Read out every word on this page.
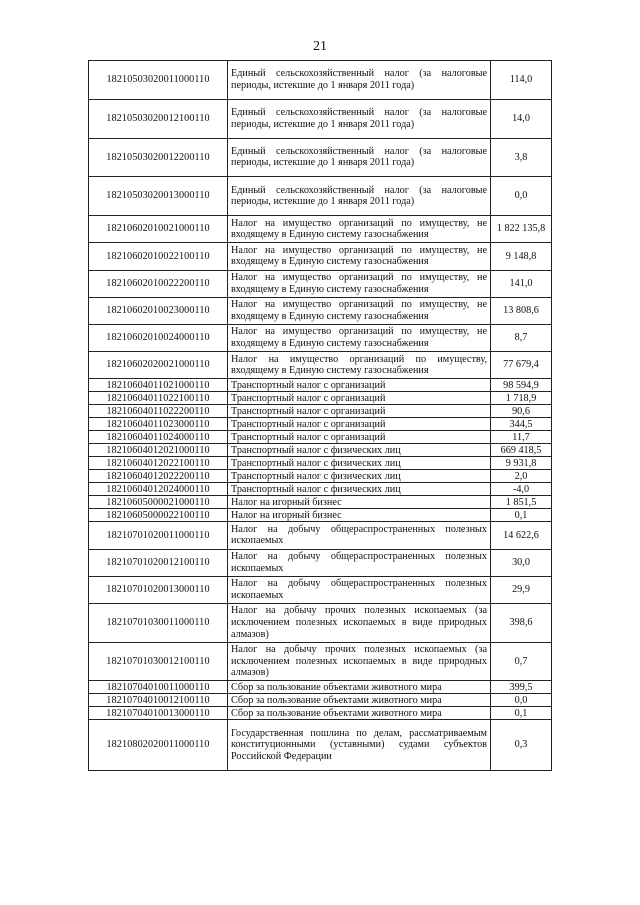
21
18210503020011000110	Единый сельскохозяйственный налог (за налоговые периоды, истекшие до 1 января 2011 года)	114,0
18210503020012100110	Единый сельскохозяйственный налог (за налоговые периоды, истекшие до 1 января 2011 года)	14,0
18210503020012200110	Единый сельскохозяйственный налог (за налоговые периоды, истекшие до 1 января 2011 года)	3,8
18210503020013000110	Единый сельскохозяйственный налог (за налоговые периоды, истекшие до 1 января 2011 года)	0,0
18210602010021000110	Налог на имущество организаций по имуществу, не входящему в Единую систему газоснабжения	1 822 135,8
18210602010022100110	Налог на имущество организаций по имуществу, не входящему в Единую систему газоснабжения	9 148,8
18210602010022200110	Налог на имущество организаций по имуществу, не входящему в Единую систему газоснабжения	141,0
18210602010023000110	Налог на имущество организаций по имуществу, не входящему в Единую систему газоснабжения	13 808,6
18210602010024000110	Налог на имущество организаций по имуществу, не входящему в Единую систему газоснабжения	8,7
18210602020021000110	Налог на имущество организаций по имуществу, входящему в Единую систему газоснабжения	77 679,4
18210604011021000110	Транспортный налог с организаций	98 594,9
18210604011022100110	Транспортный налог с организаций	1 718,9
18210604011022200110	Транспортный налог с организаций	90,6
18210604011023000110	Транспортный налог с организаций	344,5
18210604011024000110	Транспортный налог с организаций	11,7
18210604012021000110	Транспортный налог с физических лиц	669 418,5
18210604012022100110	Транспортный налог с физических лиц	9 931,8
18210604012022200110	Транспортный налог с физических лиц	2,0
18210604012024000110	Транспортный налог с физических лиц	-4,0
18210605000021000110	Налог на игорный бизнес	1 851,5
18210605000022100110	Налог на игорный бизнес	0,1
18210701020011000110	Налог на добычу общераспространенных полезных ископаемых	14 622,6
18210701020012100110	Налог на добычу общераспространенных полезных ископаемых	30,0
18210701020013000110	Налог на добычу общераспространенных полезных ископаемых	29,9
18210701030011000110	Налог на добычу прочих полезных ископаемых (за исключением полезных ископаемых в виде природных алмазов)	398,6
18210701030012100110	Налог на добычу прочих полезных ископаемых (за исключением полезных ископаемых в виде природных алмазов)	0,7
18210704010011000110	Сбор за пользование объектами животного мира	399,5
18210704010012100110	Сбор за пользование объектами животного мира	0,0
18210704010013000110	Сбор за пользование объектами животного мира	0,1
18210802020011000110	Государственная пошлина по делам, рассматриваемым конституционными (уставными) судами субъектов Российской Федерации	0,3
